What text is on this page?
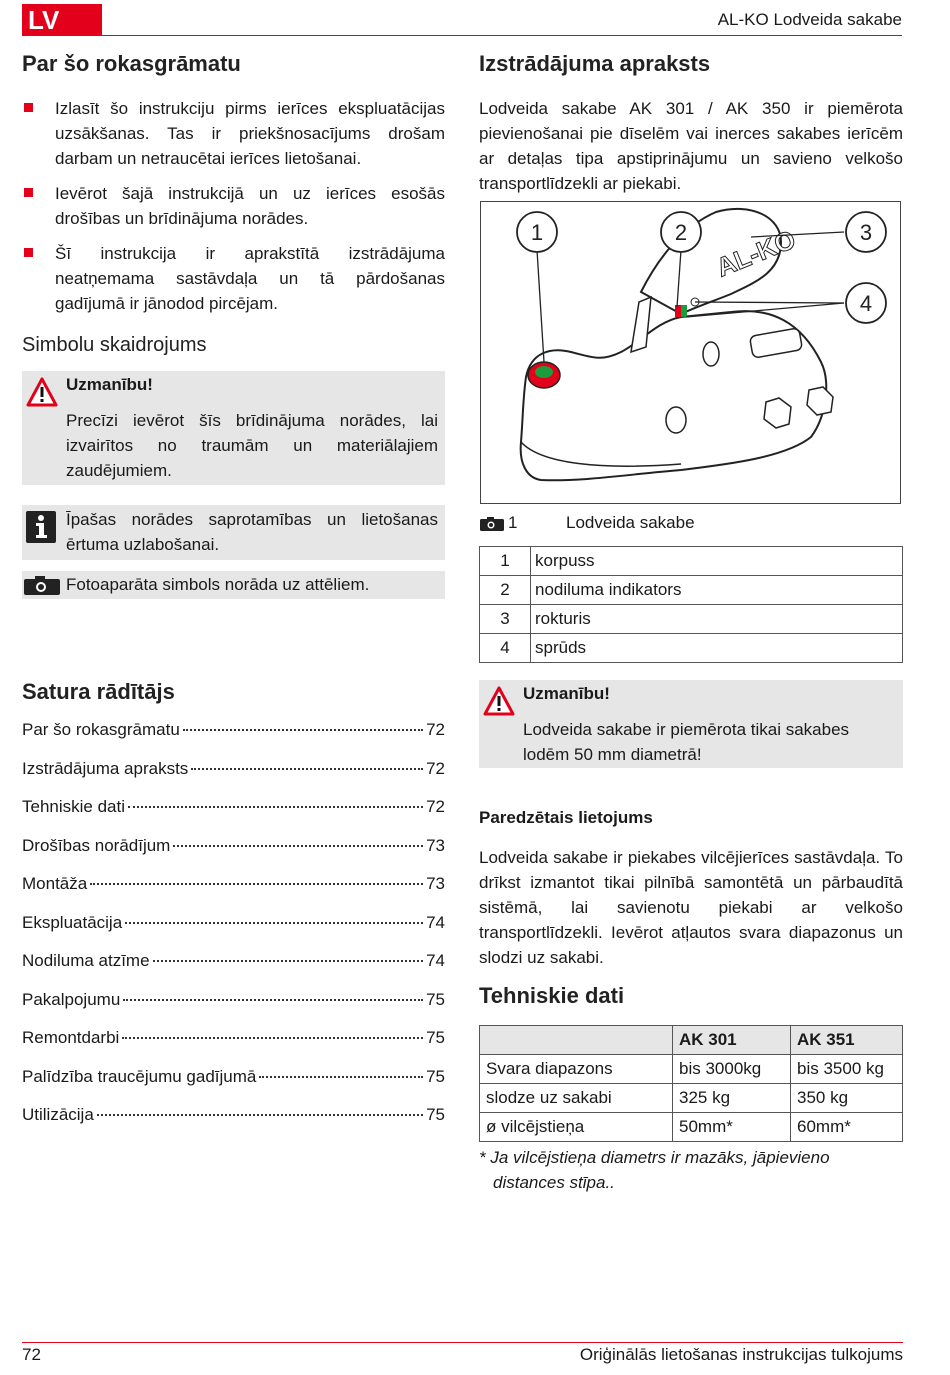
LV	AL-KO Lodveida sakabe
Par šo rokasgrāmatu
Izlasīt šo instrukciju pirms ierīces ekspluatācijas uzsākšanas. Tas ir priekšnosacījums drošam darbam un netraucētai ierīces lietošanai.
Ievērot šajā instrukcijā un uz ierīces esošās drošības un brīdinājuma norādes.
Šī instrukcija ir aprakstītā izstrādājuma neatņemama sastāvdaļa un tā pārdošanas gadījumā ir jānodod pircējam.
Simbolu skaidrojums
Uzmanību!

Precīzi ievērot šīs brīdinājuma norādes, lai izvairītos no traumām un materiālajiem zaudējumiem.

Īpašas norādes saprotamības un lietošanas ērtuma uzlabošanai.

Fotoaparāta simbols norāda uz attēliem.

Satura rādītājs
Par šo rokasgrāmatu	72
Izstrādājuma apraksts	72
Tehniskie dati	72
Drošības norādījum	73
Montāža	73
Ekspluatācija	74
Nodiluma atzīme	74
Pakalpojumu	75
Remontdarbi	75
Palīdzība traucējumu gadījumā	75
Utilizācija	75
Izstrādājuma apraksts

Lodveida sakabe AK 301 / AK 350 ir piemērota pievienošanai pie dīselēm vai inerces sakabes ierīcēm ar detaļas tipa apstiprinājumu un savieno velkošo transportlīdzekli ar piekabi.

AL-KO
1	2	3
4
1	Lodveida sakabe
1	korpuss
2	nodiluma indikators
3	rokturis
4	sprūds
Uzmanību!

Lodveida sakabe ir piemērota tikai sakabes lodēm 50 mm diametrā!

Paredzētais lietojums

Lodveida sakabe ir piekabes vilcējierīces sastāvdaļa. To drīkst izmantot tikai pilnībā samontētā un pārbaudītā sistēmā, lai savienotu piekabi ar velkošo transportlīdzekli. Ievērot atļautos svara diapazonus un slodzi uz sakabi.

Tehniskie dati
	AK 301	AK 351
Svara diapazons	bis 3000kg	bis 3500 kg
slodze uz sakabi	325 kg	350 kg
ø vilcējstieņa	50mm*	60mm*

* Ja vilcējstieņa diametrs ir mazāks, jāpievieno distances stīpa..

72	Oriģinālās lietošanas instrukcijas tulkojums
